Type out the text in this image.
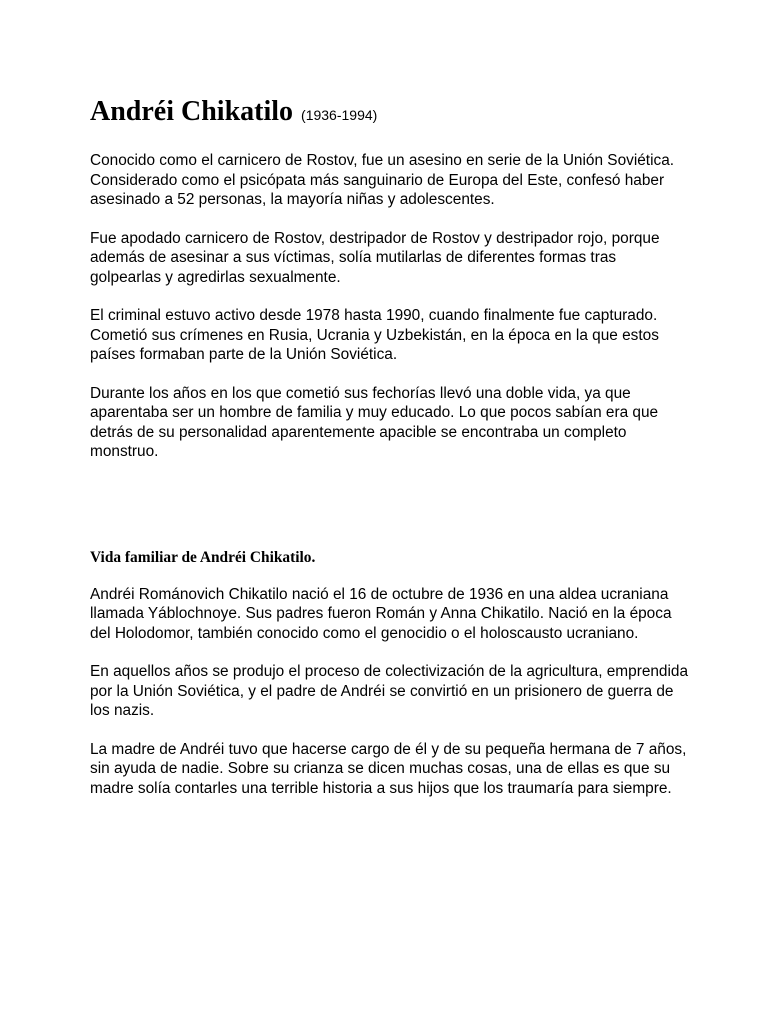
Andréi Chikatilo (1936-1994)

Conocido como el carnicero de Rostov, fue un asesino en serie de la Unión Soviética. Considerado como el psicópata más sanguinario de Europa del Este, confesó haber asesinado a 52 personas, la mayoría niñas y adolescentes.

Fue apodado carnicero de Rostov, destripador de Rostov y destripador rojo, porque además de asesinar a sus víctimas, solía mutilarlas de diferentes formas tras golpearlas y agredirlas sexualmente.

El criminal estuvo activo desde 1978 hasta 1990, cuando finalmente fue capturado. Cometió sus crímenes en Rusia, Ucrania y Uzbekistán, en la época en la que estos países formaban parte de la Unión Soviética.

Durante los años en los que cometió sus fechorías llevó una doble vida, ya que aparentaba ser un hombre de familia y muy educado. Lo que pocos sabían era que detrás de su personalidad aparentemente apacible se encontraba un completo monstruo.

Vida familiar de Andréi Chikatilo.

Andréi Románovich Chikatilo nació el 16 de octubre de 1936 en una aldea ucraniana llamada Yáblochnoye. Sus padres fueron Román y Anna Chikatilo. Nació en la época del Holodomor, también conocido como el genocidio o el holoscausto ucraniano.

En aquellos años se produjo el proceso de colectivización de la agricultura, emprendida por la Unión Soviética, y el padre de Andréi se convirtió en un prisionero de guerra de los nazis.

La madre de Andréi tuvo que hacerse cargo de él y de su pequeña hermana de 7 años, sin ayuda de nadie. Sobre su crianza se dicen muchas cosas, una de ellas es que su madre solía contarles una terrible historia a sus hijos que los traumaría para siempre.
